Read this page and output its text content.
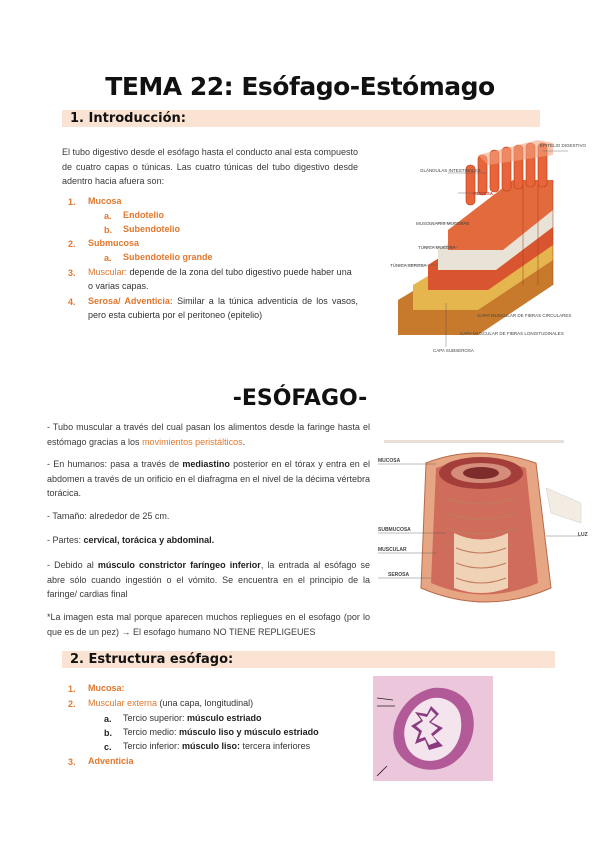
TEMA 22: Esófago-Estómago
1. Introducción:
El tubo digestivo desde el esófago hasta el conducto anal esta compuesto de cuatro capas o túnicas. Las cuatro túnicas del tubo digestivo desde adentro hacia afuera son:
1. Mucosa
a. Endotelio
b. Subendotelio
2. Submucosa
a. Subendotelio grande
3. Muscular: depende de la zona del tubo digestivo puede haber una o varias capas.
4. Serosa/ Adventicia: Similar a la túnica adventicia de los vasos, pero esta cubierta por el peritoneo (epitelio)
EPITELIO DIGESTIVO
GLÁNDULAS INTESTINALES
MUCOSA
MUSCULARIS MUCOSAE
TÚNICA MUCOSA
TÚNICA SEROSA
CAPA MUSCULAR DE FIBRAS CIRCULARES
CAPA MUSCULAR DE FIBRAS LONGITUDINALES
CAPA SUBSEROSA
-ESÓFAGO-
- Tubo muscular a través del cual pasan los alimentos desde la faringe hasta el estómago gracias a los movimientos peristálticos.
- En humanos: pasa a través de mediastino posterior en el tórax y entra en el abdomen a través de un orificio en el diafragma en el nivel de la décima vértebra torácica.
- Tamaño: alrededor de 25 cm.
- Partes: cervical, torácica y abdominal.
- Debido al músculo constrictor faríngeo inferior, la entrada al esófago se abre sólo cuando ingestión o el vómito. Se encuentra en el principio de la faringe/ cardias final
*La imagen esta mal porque aparecen muchos repliegues en el esofago (por lo que es de un pez) → El esofago humano NO TIENE REPLIGEUES
MUCOSA
SUBMUCOSA
MUSCULAR
SEROSA
LUZ
2. Estructura esófago:
1. Mucosa:
2. Muscular externa (una capa, longitudinal)
a. Tercio superior: músculo estriado
b. Tercio medio: músculo liso y músculo estriado
c. Tercio inferior: músculo liso: tercera inferiores
3. Adventicia
